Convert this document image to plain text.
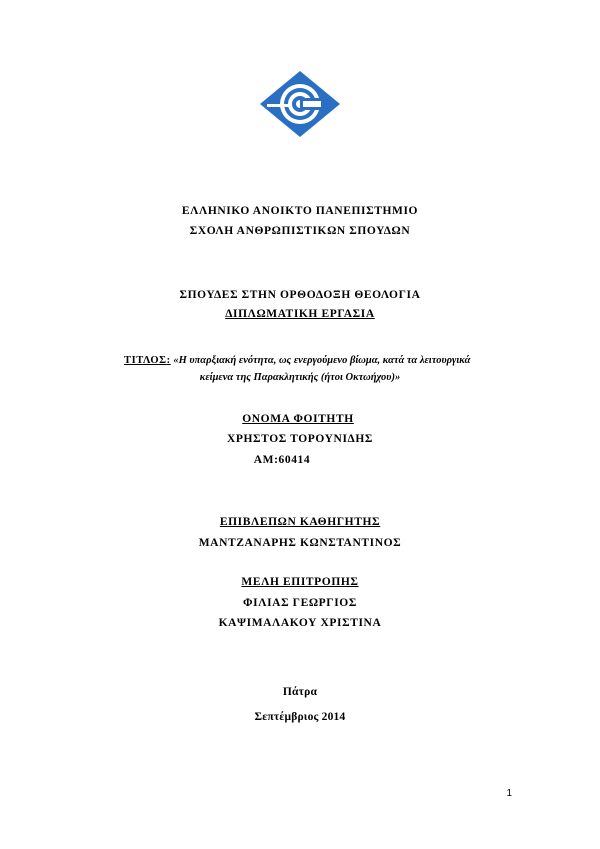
ΕΛΛΗΝΙΚΟ ΑΝΟΙΚΤΟ ΠΑΝΕΠΙΣΤΗΜΙΟ
ΣΧΟΛΗ ΑΝΘΡΩΠΙΣΤΙΚΩΝ ΣΠΟΥΔΩΝ
ΣΠΟΥΔΕΣ ΣΤΗΝ ΟΡΘΟΔΟΞΗ ΘΕΟΛΟΓΙΑ
ΔΙΠΛΩΜΑΤΙΚΗ ΕΡΓΑΣΙΑ
ΤΙΤΛΟΣ: «Η υπαρξιακή ενότητα, ως ενεργούμενο βίωμα, κατά τα λειτουργικά
κείμενα της Παρακλητικής (ήτοι Οκτωήχου)»
ΟΝΟΜΑ ΦΟΙΤΗΤΗ
ΧΡΗΣΤΟΣ ΤΟΡΟΥΝΙΔΗΣ
ΑΜ:60414
ΕΠΙΒΛΕΠΩΝ ΚΑΘΗΓΗΤΗΣ
ΜΑΝΤΖΑΝΑΡΗΣ ΚΩΝΣΤΑΝΤΙΝΟΣ
ΜΕΛΗ ΕΠΙΤΡΟΠΗΣ
ΦΙΛΙΑΣ ΓΕΩΡΓΙΟΣ
ΚΑΨΙΜΑΛΑΚΟΥ ΧΡΙΣΤΙΝΑ
Πάτρα
Σεπτέμβριος 2014
1
